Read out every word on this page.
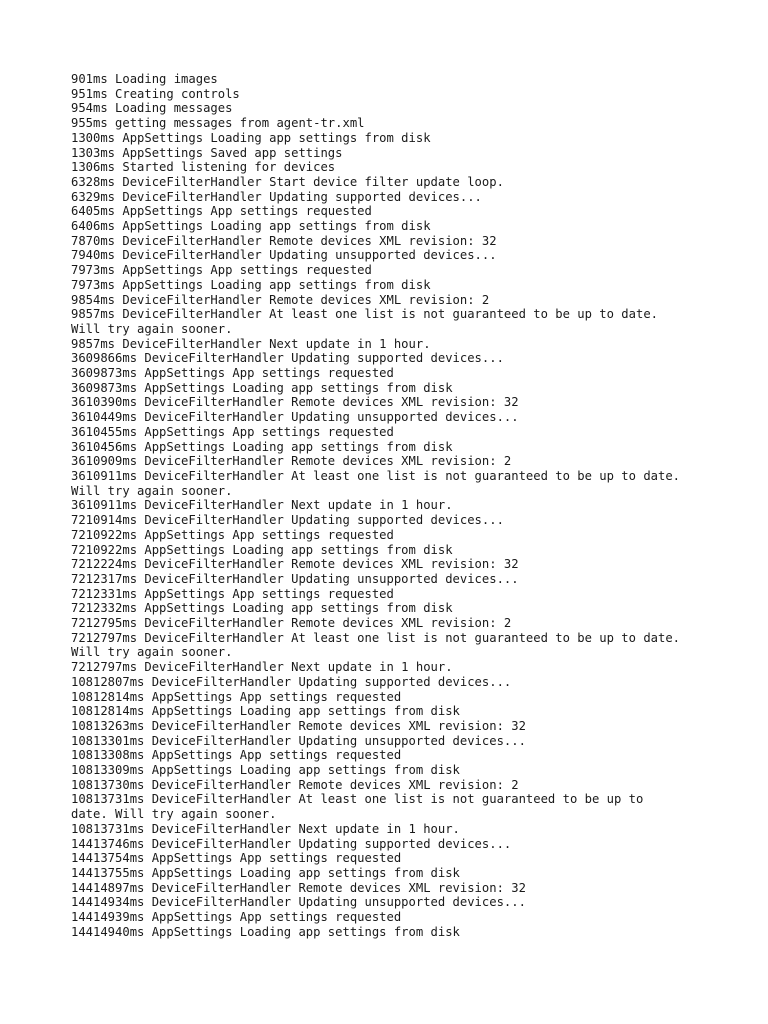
901ms Loading images
951ms Creating controls
954ms Loading messages
955ms getting messages from agent-tr.xml
1300ms AppSettings Loading app settings from disk
1303ms AppSettings Saved app settings
1306ms Started listening for devices
6328ms DeviceFilterHandler Start device filter update loop.
6329ms DeviceFilterHandler Updating supported devices...
6405ms AppSettings App settings requested
6406ms AppSettings Loading app settings from disk
7870ms DeviceFilterHandler Remote devices XML revision: 32
7940ms DeviceFilterHandler Updating unsupported devices...
7973ms AppSettings App settings requested
7973ms AppSettings Loading app settings from disk
9854ms DeviceFilterHandler Remote devices XML revision: 2
9857ms DeviceFilterHandler At least one list is not guaranteed to be up to date.
Will try again sooner.
9857ms DeviceFilterHandler Next update in 1 hour.
3609866ms DeviceFilterHandler Updating supported devices...
3609873ms AppSettings App settings requested
3609873ms AppSettings Loading app settings from disk
3610390ms DeviceFilterHandler Remote devices XML revision: 32
3610449ms DeviceFilterHandler Updating unsupported devices...
3610455ms AppSettings App settings requested
3610456ms AppSettings Loading app settings from disk
3610909ms DeviceFilterHandler Remote devices XML revision: 2
3610911ms DeviceFilterHandler At least one list is not guaranteed to be up to date.
Will try again sooner.
3610911ms DeviceFilterHandler Next update in 1 hour.
7210914ms DeviceFilterHandler Updating supported devices...
7210922ms AppSettings App settings requested
7210922ms AppSettings Loading app settings from disk
7212224ms DeviceFilterHandler Remote devices XML revision: 32
7212317ms DeviceFilterHandler Updating unsupported devices...
7212331ms AppSettings App settings requested
7212332ms AppSettings Loading app settings from disk
7212795ms DeviceFilterHandler Remote devices XML revision: 2
7212797ms DeviceFilterHandler At least one list is not guaranteed to be up to date.
Will try again sooner.
7212797ms DeviceFilterHandler Next update in 1 hour.
10812807ms DeviceFilterHandler Updating supported devices...
10812814ms AppSettings App settings requested
10812814ms AppSettings Loading app settings from disk
10813263ms DeviceFilterHandler Remote devices XML revision: 32
10813301ms DeviceFilterHandler Updating unsupported devices...
10813308ms AppSettings App settings requested
10813309ms AppSettings Loading app settings from disk
10813730ms DeviceFilterHandler Remote devices XML revision: 2
10813731ms DeviceFilterHandler At least one list is not guaranteed to be up to
date. Will try again sooner.
10813731ms DeviceFilterHandler Next update in 1 hour.
14413746ms DeviceFilterHandler Updating supported devices...
14413754ms AppSettings App settings requested
14413755ms AppSettings Loading app settings from disk
14414897ms DeviceFilterHandler Remote devices XML revision: 32
14414934ms DeviceFilterHandler Updating unsupported devices...
14414939ms AppSettings App settings requested
14414940ms AppSettings Loading app settings from disk
